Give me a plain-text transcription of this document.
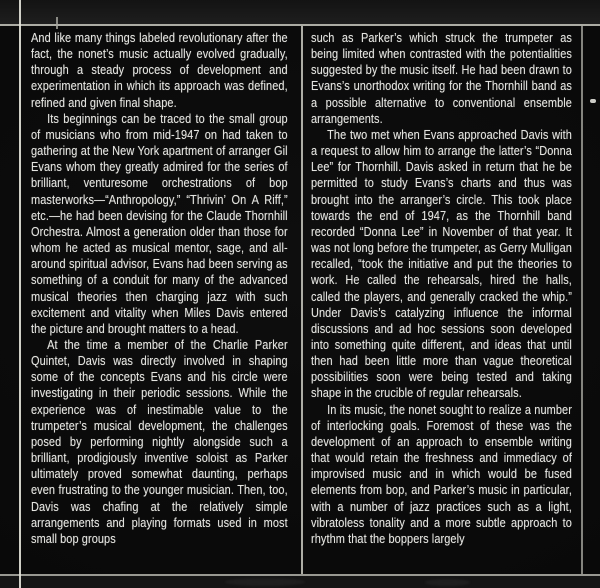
And like many things labeled revolutionary after the fact, the nonet’s music actually evolved gradually, through a steady process of development and experimentation in which its approach was defined, refined and given final shape.

Its beginnings can be traced to the small group of musicians who from mid-1947 on had taken to gathering at the New York apartment of arranger Gil Evans whom they greatly admired for the series of brilliant, venturesome orchestrations of bop masterworks—“Anthropology,” “Thrivin’ On A Riff,” etc.—he had been devising for the Claude Thornhill Orchestra. Almost a generation older than those for whom he acted as musical mentor, sage, and all-around spiritual advisor, Evans had been serving as something of a conduit for many of the advanced musical theories then charging jazz with such excitement and vitality when Miles Davis entered the picture and brought matters to a head.

At the time a member of the Charlie Parker Quintet, Davis was directly involved in shaping some of the concepts Evans and his circle were investigating in their periodic sessions. While the experience was of inestimable value to the trumpeter’s musical development, the challenges posed by performing nightly alongside such a brilliant, prodigiously inventive soloist as Parker ultimately proved somewhat daunting, perhaps even frustrating to the younger musician. Then, too, Davis was chafing at the relatively simple arrangements and playing formats used in most small bop groups

such as Parker’s which struck the trumpeter as being limited when contrasted with the potentialities suggested by the music itself. He had been drawn to Evans’s unorthodox writing for the Thornhill band as a possible alternative to conventional ensemble arrangements.

The two met when Evans approached Davis with a request to allow him to arrange the latter’s “Donna Lee” for Thornhill. Davis asked in return that he be permitted to study Evans’s charts and thus was brought into the arranger’s circle. This took place towards the end of 1947, as the Thornhill band recorded “Donna Lee” in November of that year. It was not long before the trumpeter, as Gerry Mulligan recalled, “took the initiative and put the theories to work. He called the rehearsals, hired the halls, called the players, and generally cracked the whip.” Under Davis’s catalyzing influence the informal discussions and ad hoc sessions soon developed into something quite different, and ideas that until then had been little more than vague theoretical possibilities soon were being tested and taking shape in the crucible of regular rehearsals.

In its music, the nonet sought to realize a number of interlocking goals. Foremost of these was the development of an approach to ensemble writing that would retain the freshness and immediacy of improvised music and in which would be fused elements from bop, and Parker’s music in particular, with a number of jazz practices such as a light, vibratoless tonality and a more subtle approach to rhythm that the boppers largely
